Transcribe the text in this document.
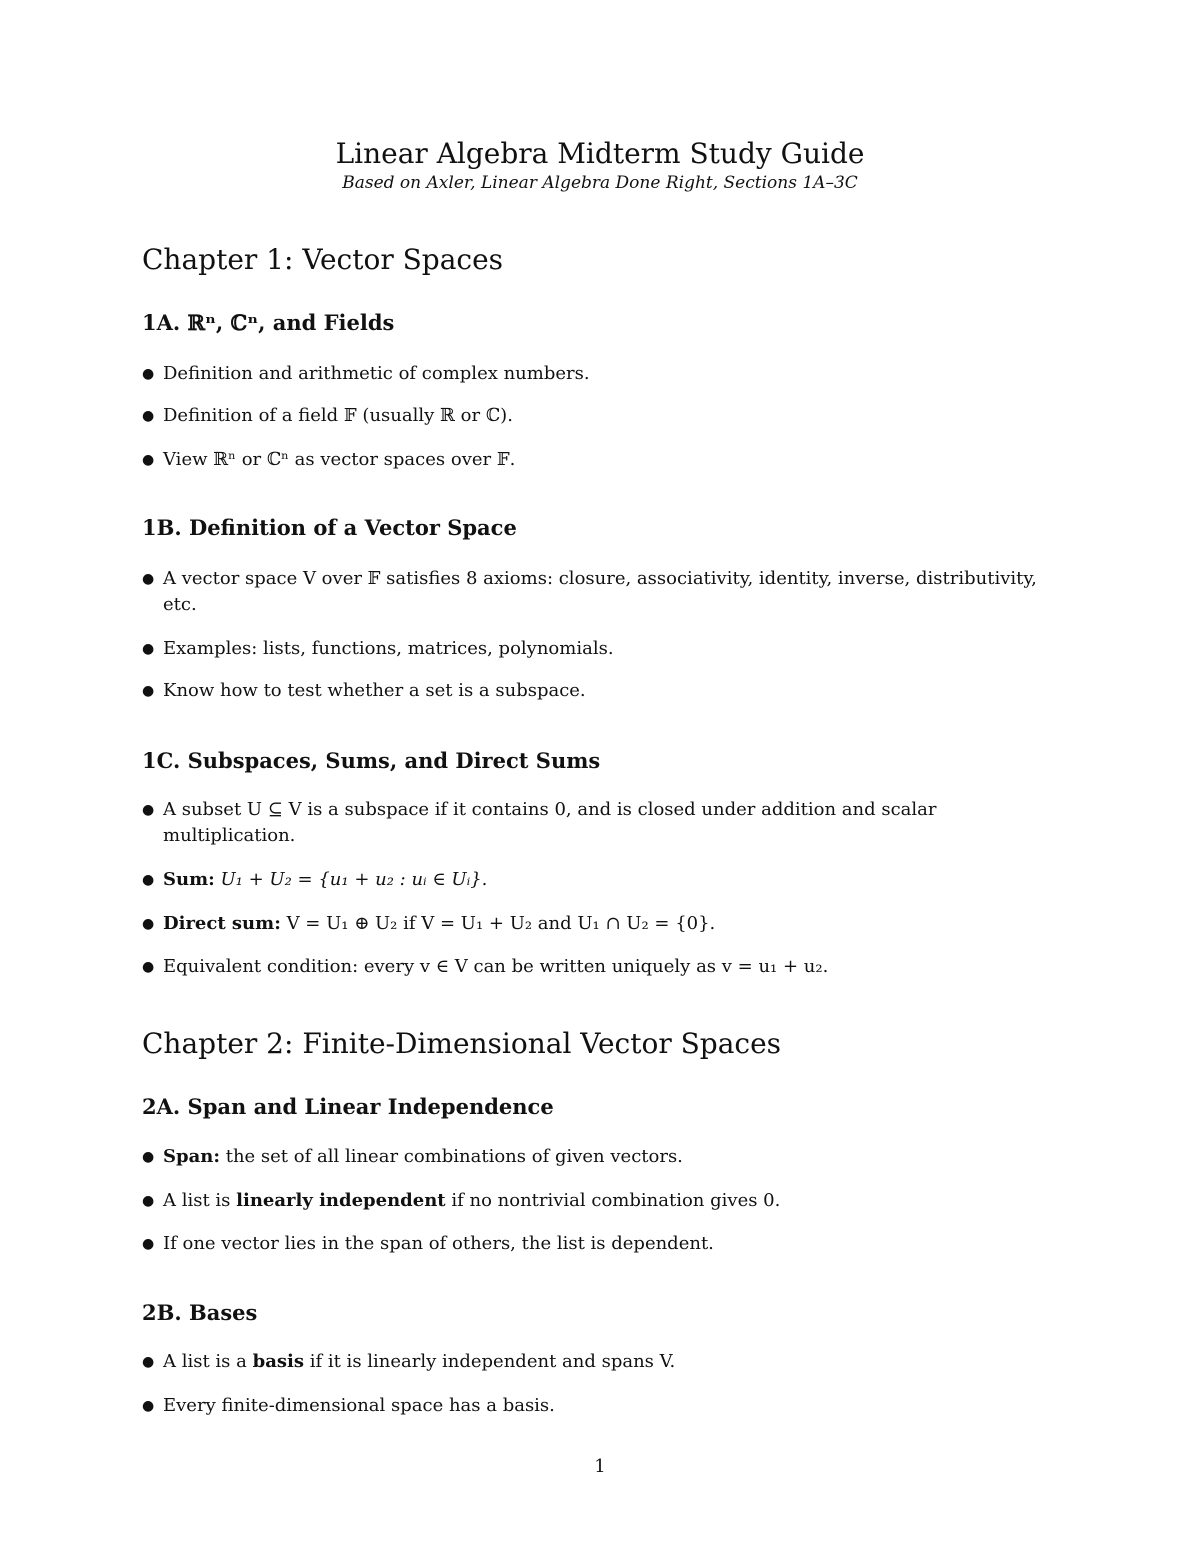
Linear Algebra Midterm Study Guide
Based on Axler, Linear Algebra Done Right, Sections 1A–3C
Chapter 1: Vector Spaces
1A. ℝⁿ, ℂⁿ, and Fields
● Definition and arithmetic of complex numbers.
● Definition of a field 𝔽 (usually ℝ or ℂ).
● View ℝⁿ or ℂⁿ as vector spaces over 𝔽.
1B. Definition of a Vector Space
● A vector space V over 𝔽 satisfies 8 axioms: closure, associativity, identity, inverse, distributivity, etc.
● Examples: lists, functions, matrices, polynomials.
● Know how to test whether a set is a subspace.
1C. Subspaces, Sums, and Direct Sums
● A subset U ⊆ V is a subspace if it contains 0, and is closed under addition and scalar multiplication.
● Sum: U₁ + U₂ = {u₁ + u₂ : uᵢ ∈ Uᵢ}.
● Direct sum: V = U₁ ⊕ U₂ if V = U₁ + U₂ and U₁ ∩ U₂ = {0}.
● Equivalent condition: every v ∈ V can be written uniquely as v = u₁ + u₂.
Chapter 2: Finite-Dimensional Vector Spaces
2A. Span and Linear Independence
● Span: the set of all linear combinations of given vectors.
● A list is linearly independent if no nontrivial combination gives 0.
● If one vector lies in the span of others, the list is dependent.
2B. Bases
● A list is a basis if it is linearly independent and spans V.
● Every finite-dimensional space has a basis.
1
